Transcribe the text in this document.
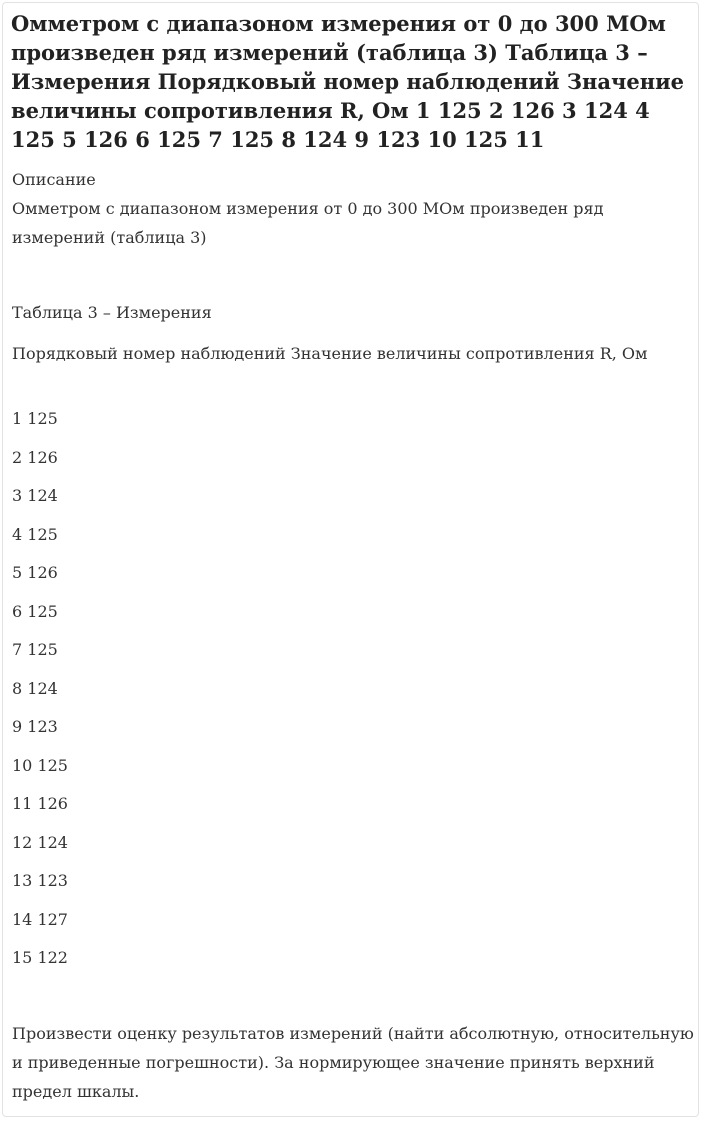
Омметром с диапазоном измерения от 0 до 300 МОм произведен ряд измерений (таблица 3) Таблица 3 – Измерения Порядковый номер наблюдений Значение величины сопротивления R, Ом 1 125 2 126 3 124 4 125 5 126 6 125 7 125 8 124 9 123 10 125 11
Описание

Омметром с диапазоном измерения от 0 до 300 МОм произведен ряд измерений (таблица 3)

Таблица 3 – Измерения

Порядковый номер наблюдений Значение величины сопротивления R, Ом

1 125
2 126
3 124
4 125
5 126
6 125
7 125
8 124
9 123
10 125
11 126
12 124
13 123
14 127
15 122

Произвести оценку результатов измерений (найти абсолютную, относительную и приведенные погрешности). За нормирующее значение принять верхний предел шкалы.
